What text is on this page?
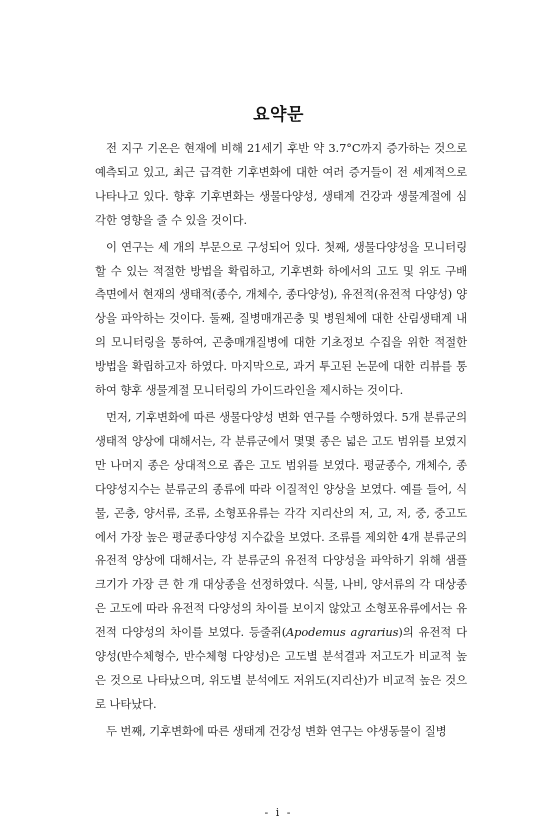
요약문

전 지구 기온은 현재에 비해 21세기 후반 약 3.7°C까지 증가하는 것으로 예측되고 있고, 최근 급격한 기후변화에 대한 여러 증거들이 전 세계적으로 나타나고 있다. 향후 기후변화는 생물다양성, 생태계 건강과 생물계절에 심각한 영향을 줄 수 있을 것이다.

이 연구는 세 개의 부문으로 구성되어 있다. 첫째, 생물다양성을 모니터링할 수 있는 적절한 방법을 확립하고, 기후변화 하에서의 고도 및 위도 구배 측면에서 현재의 생태적(종수, 개체수, 종다양성), 유전적(유전적 다양성) 양상을 파악하는 것이다. 둘째, 질병매개곤충 및 병원체에 대한 산림생태계 내의 모니터링을 통하여, 곤충매개질병에 대한 기초정보 수집을 위한 적절한 방법을 확립하고자 하였다. 마지막으로, 과거 투고된 논문에 대한 리뷰를 통하여 향후 생물계절 모니터링의 가이드라인을 제시하는 것이다.

먼저, 기후변화에 따른 생물다양성 변화 연구를 수행하였다. 5개 분류군의 생태적 양상에 대해서는, 각 분류군에서 몇몇 종은 넓은 고도 범위를 보였지만 나머지 종은 상대적으로 좁은 고도 범위를 보였다. 평균종수, 개체수, 종다양성지수는 분류군의 종류에 따라 이질적인 양상을 보였다. 예를 들어, 식물, 곤충, 양서류, 조류, 소형포유류는 각각 지리산의 저, 고, 저, 중, 중고도에서 가장 높은 평균종다양성 지수값을 보였다. 조류를 제외한 4개 분류군의 유전적 양상에 대해서는, 각 분류군의 유전적 다양성을 파악하기 위해 샘플 크기가 가장 큰 한 개 대상종을 선정하였다. 식물, 나비, 양서류의 각 대상종은 고도에 따라 유전적 다양성의 차이를 보이지 않았고 소형포유류에서는 유전적 다양성의 차이를 보였다. 등줄쥐(Apodemus agrarius)의 유전적 다양성(반수체형수, 반수체형 다양성)은 고도별 분석결과 저고도가 비교적 높은 것으로 나타났으며, 위도별 분석에도 저위도(지리산)가 비교적 높은 것으로 나타났다.

두 번째, 기후변화에 따른 생태계 건강성 변화 연구는 야생동물이 질병

- i -
